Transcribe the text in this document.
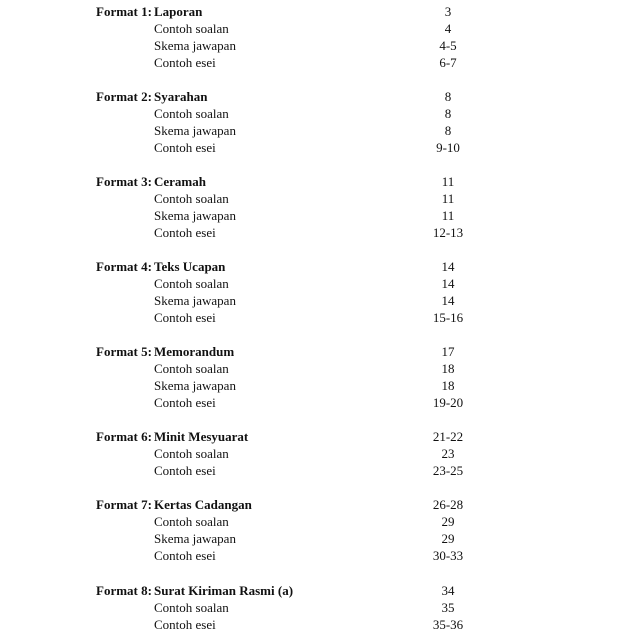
Format 1: Laporan	3
Contoh soalan	4
Skema jawapan	4-5
Contoh esei	6-7
Format 2: Syarahan	8
Contoh soalan	8
Skema jawapan	8
Contoh esei	9-10
Format 3: Ceramah	11
Contoh soalan	11
Skema jawapan	11
Contoh esei	12-13
Format 4: Teks Ucapan	14
Contoh soalan	14
Skema jawapan	14
Contoh esei	15-16
Format 5: Memorandum	17
Contoh soalan	18
Skema jawapan	18
Contoh esei	19-20
Format 6: Minit Mesyuarat	21-22
Contoh soalan	23
Contoh esei	23-25
Format 7: Kertas Cadangan	26-28
Contoh soalan	29
Skema jawapan	29
Contoh esei	30-33
Format 8: Surat Kiriman Rasmi (a)	34
Contoh soalan	35
Contoh esei	35-36
